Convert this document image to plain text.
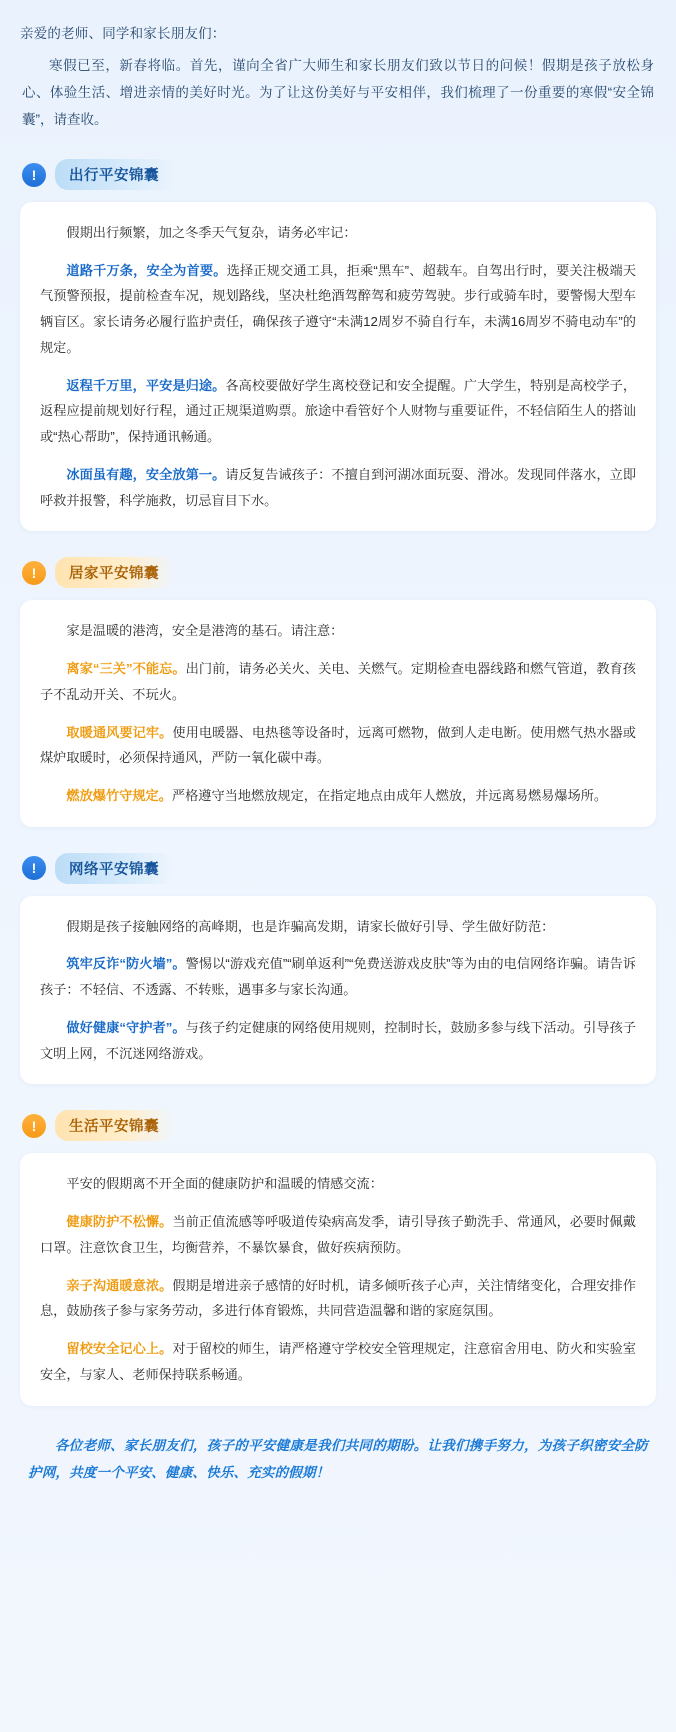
亲爱的老师、同学和家长朋友们：
寒假已至，新春将临。首先，谨向全省广大师生和家长朋友们致以节日的问候！假期是孩子放松身心、体验生活、增进亲情的美好时光。为了让这份美好与平安相伴，我们梳理了一份重要的寒假“安全锦囊”，请查收。
!	出行平安锦囊

假期出行频繁，加之冬季天气复杂，请务必牢记：

道路千万条，安全为首要。选择正规交通工具，拒乘“黑车”、超载车。自驾出行时，要关注极端天气预警预报，提前检查车况，规划路线，坚决杜绝酒驾醉驾和疲劳驾驶。步行或骑车时，要警惕大型车辆盲区。家长请务必履行监护责任，确保孩子遵守“未满12周岁不骑自行车，未满16周岁不骑电动车”的规定。

返程千万里，平安是归途。各高校要做好学生离校登记和安全提醒。广大学生，特别是高校学子，返程应提前规划好行程，通过正规渠道购票。旅途中看管好个人财物与重要证件，不轻信陌生人的搭讪或“热心帮助”，保持通讯畅通。

冰面虽有趣，安全放第一。请反复告诫孩子：不擅自到河湖冰面玩耍、滑冰。发现同伴落水，立即呼救并报警，科学施救，切忌盲目下水。

!	居家平安锦囊

家是温暖的港湾，安全是港湾的基石。请注意：

离家“三关”不能忘。出门前，请务必关火、关电、关燃气。定期检查电器线路和燃气管道，教育孩子不乱动开关、不玩火。

取暖通风要记牢。使用电暖器、电热毯等设备时，远离可燃物，做到人走电断。使用燃气热水器或煤炉取暖时，必须保持通风，严防一氧化碳中毒。

燃放爆竹守规定。严格遵守当地燃放规定，在指定地点由成年人燃放，并远离易燃易爆场所。

!	网络平安锦囊

假期是孩子接触网络的高峰期，也是诈骗高发期，请家长做好引导、学生做好防范：

筑牢反诈“防火墙”。警惕以“游戏充值”“刷单返利”“免费送游戏皮肤”等为由的电信网络诈骗。请告诉孩子：不轻信、不透露、不转账，遇事多与家长沟通。

做好健康“守护者”。与孩子约定健康的网络使用规则，控制时长，鼓励多参与线下活动。引导孩子文明上网，不沉迷网络游戏。

!	生活平安锦囊

平安的假期离不开全面的健康防护和温暖的情感交流：

健康防护不松懈。当前正值流感等呼吸道传染病高发季，请引导孩子勤洗手、常通风，必要时佩戴口罩。注意饮食卫生，均衡营养，不暴饮暴食，做好疾病预防。

亲子沟通暖意浓。假期是增进亲子感情的好时机，请多倾听孩子心声，关注情绪变化，合理安排作息，鼓励孩子参与家务劳动，多进行体育锻炼，共同营造温馨和谐的家庭氛围。

留校安全记心上。对于留校的师生，请严格遵守学校安全管理规定，注意宿舍用电、防火和实验室安全，与家人、老师保持联系畅通。

各位老师、家长朋友们，孩子的平安健康是我们共同的期盼。让我们携手努力，为孩子织密安全防护网，共度一个平安、健康、快乐、充实的假期！
